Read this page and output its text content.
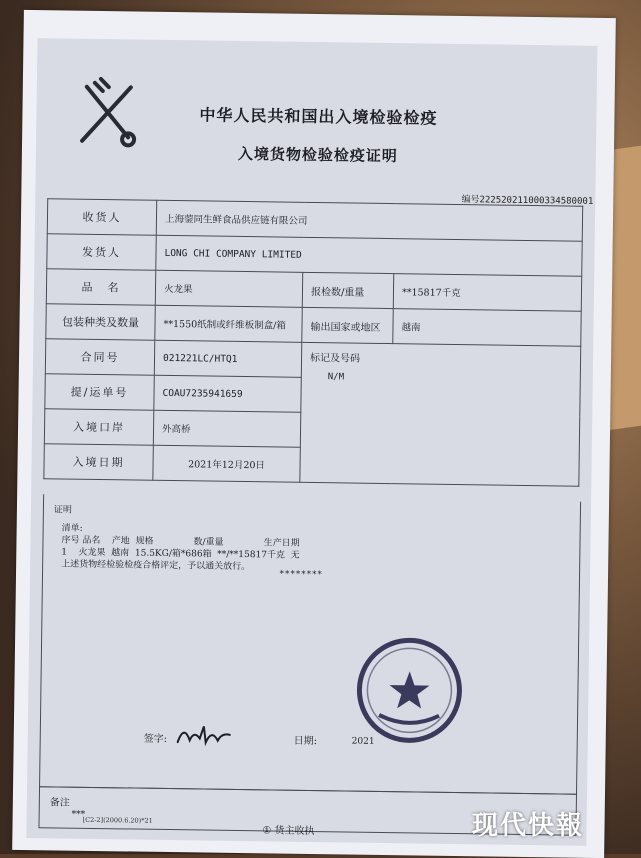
中华人民共和国出入境检验检疫
入境货物检验检疫证明
编号222520211000334580001
收货人	上海蓥同生鲜食品供应链有限公司		
发货人	LONG CHI COMPANY LIMITED		
品　名	火龙果	报检数/重量	**15817千克
包装种类及数量	**1550纸制或纤维板制盒/箱	输出国家或地区	越南
合同号	021221LC/HTQ1	标记及号码
N/M	

提/运单号	COAU7235941659		
入境口岸	外高桥		
入境日期	2021年12月20日		
证明
清单:
序号 品名    产地  规格              数/重量              生产日期
1    火龙果  越南  15.5KG/箱*686箱  **/**15817千克  无
上述货物经检验检疫合格评定，予以通关放行。
********
签字:	日期:	2021
备注
***
[C2-2](2000.6.20)*21
① 货主收执	现代快報
